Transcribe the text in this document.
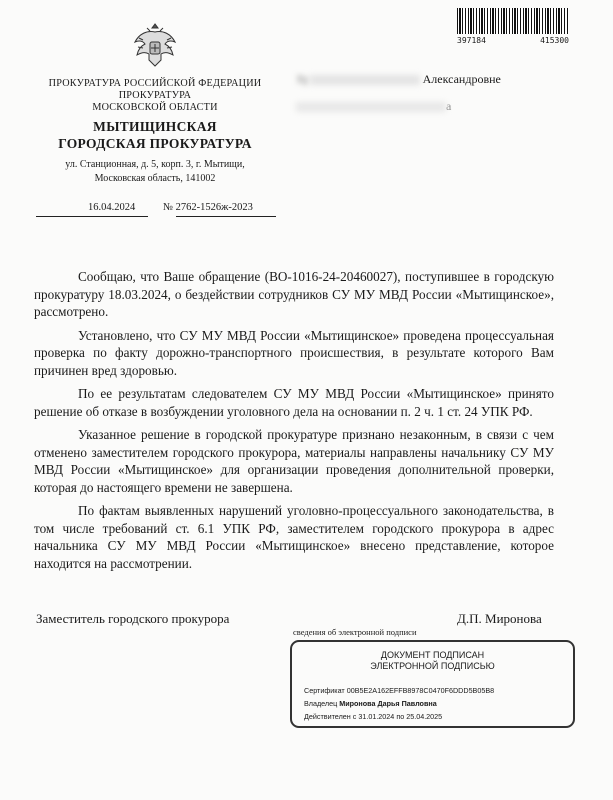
ПРОКУРАТУРА РОССИЙСКОЙ ФЕДЕРАЦИИ
ПРОКУРАТУРА
МОСКОВСКОЙ ОБЛАСТИ
МЫТИЩИНСКАЯ
ГОРОДСКАЯ ПРОКУРАТУРА
ул. Станционная, д. 5, корп. 3, г. Мытищи,
Московская область, 141002
16.04.2024	№ 2762-1526ж-2023
397184	415300
Ху	Александровне
а

Сообщаю, что Ваше обращение (ВО-1016-24-20460027), поступившее в городскую прокуратуру 18.03.2024, о бездействии сотрудников СУ МУ МВД России «Мытищинское», рассмотрено.

Установлено, что СУ МУ МВД России «Мытищинское» проведена процессуальная проверка по факту дорожно-транспортного происшествия, в результате которого Вам причинен вред здоровью.

По ее результатам следователем СУ МУ МВД России «Мытищинское» принято решение об отказе в возбуждении уголовного дела на основании п. 2 ч. 1 ст. 24 УПК РФ.

Указанное решение в городской прокуратуре признано незаконным, в связи с чем отменено заместителем городского прокурора, материалы направлены начальнику СУ МУ МВД России «Мытищинское» для организации проведения дополнительной проверки, которая до настоящего времени не завершена.

По фактам выявленных нарушений уголовно-процессуального законодательства, в том числе требований ст. 6.1 УПК РФ, заместителем городского прокурора в адрес начальника СУ МУ МВД России «Мытищинское» внесено представление, которое находится на рассмотрении.

Заместитель городского прокурора	Д.П. Миронова
сведения об электронной подписи
ДОКУМЕНТ ПОДПИСАН
ЭЛЕКТРОННОЙ ПОДПИСЬЮ
Сертификат 00B5E2A162EFFB8978C0470F6DDD5B05B8
Владелец Миронова Дарья Павловна
Действителен с 31.01.2024 по 25.04.2025
